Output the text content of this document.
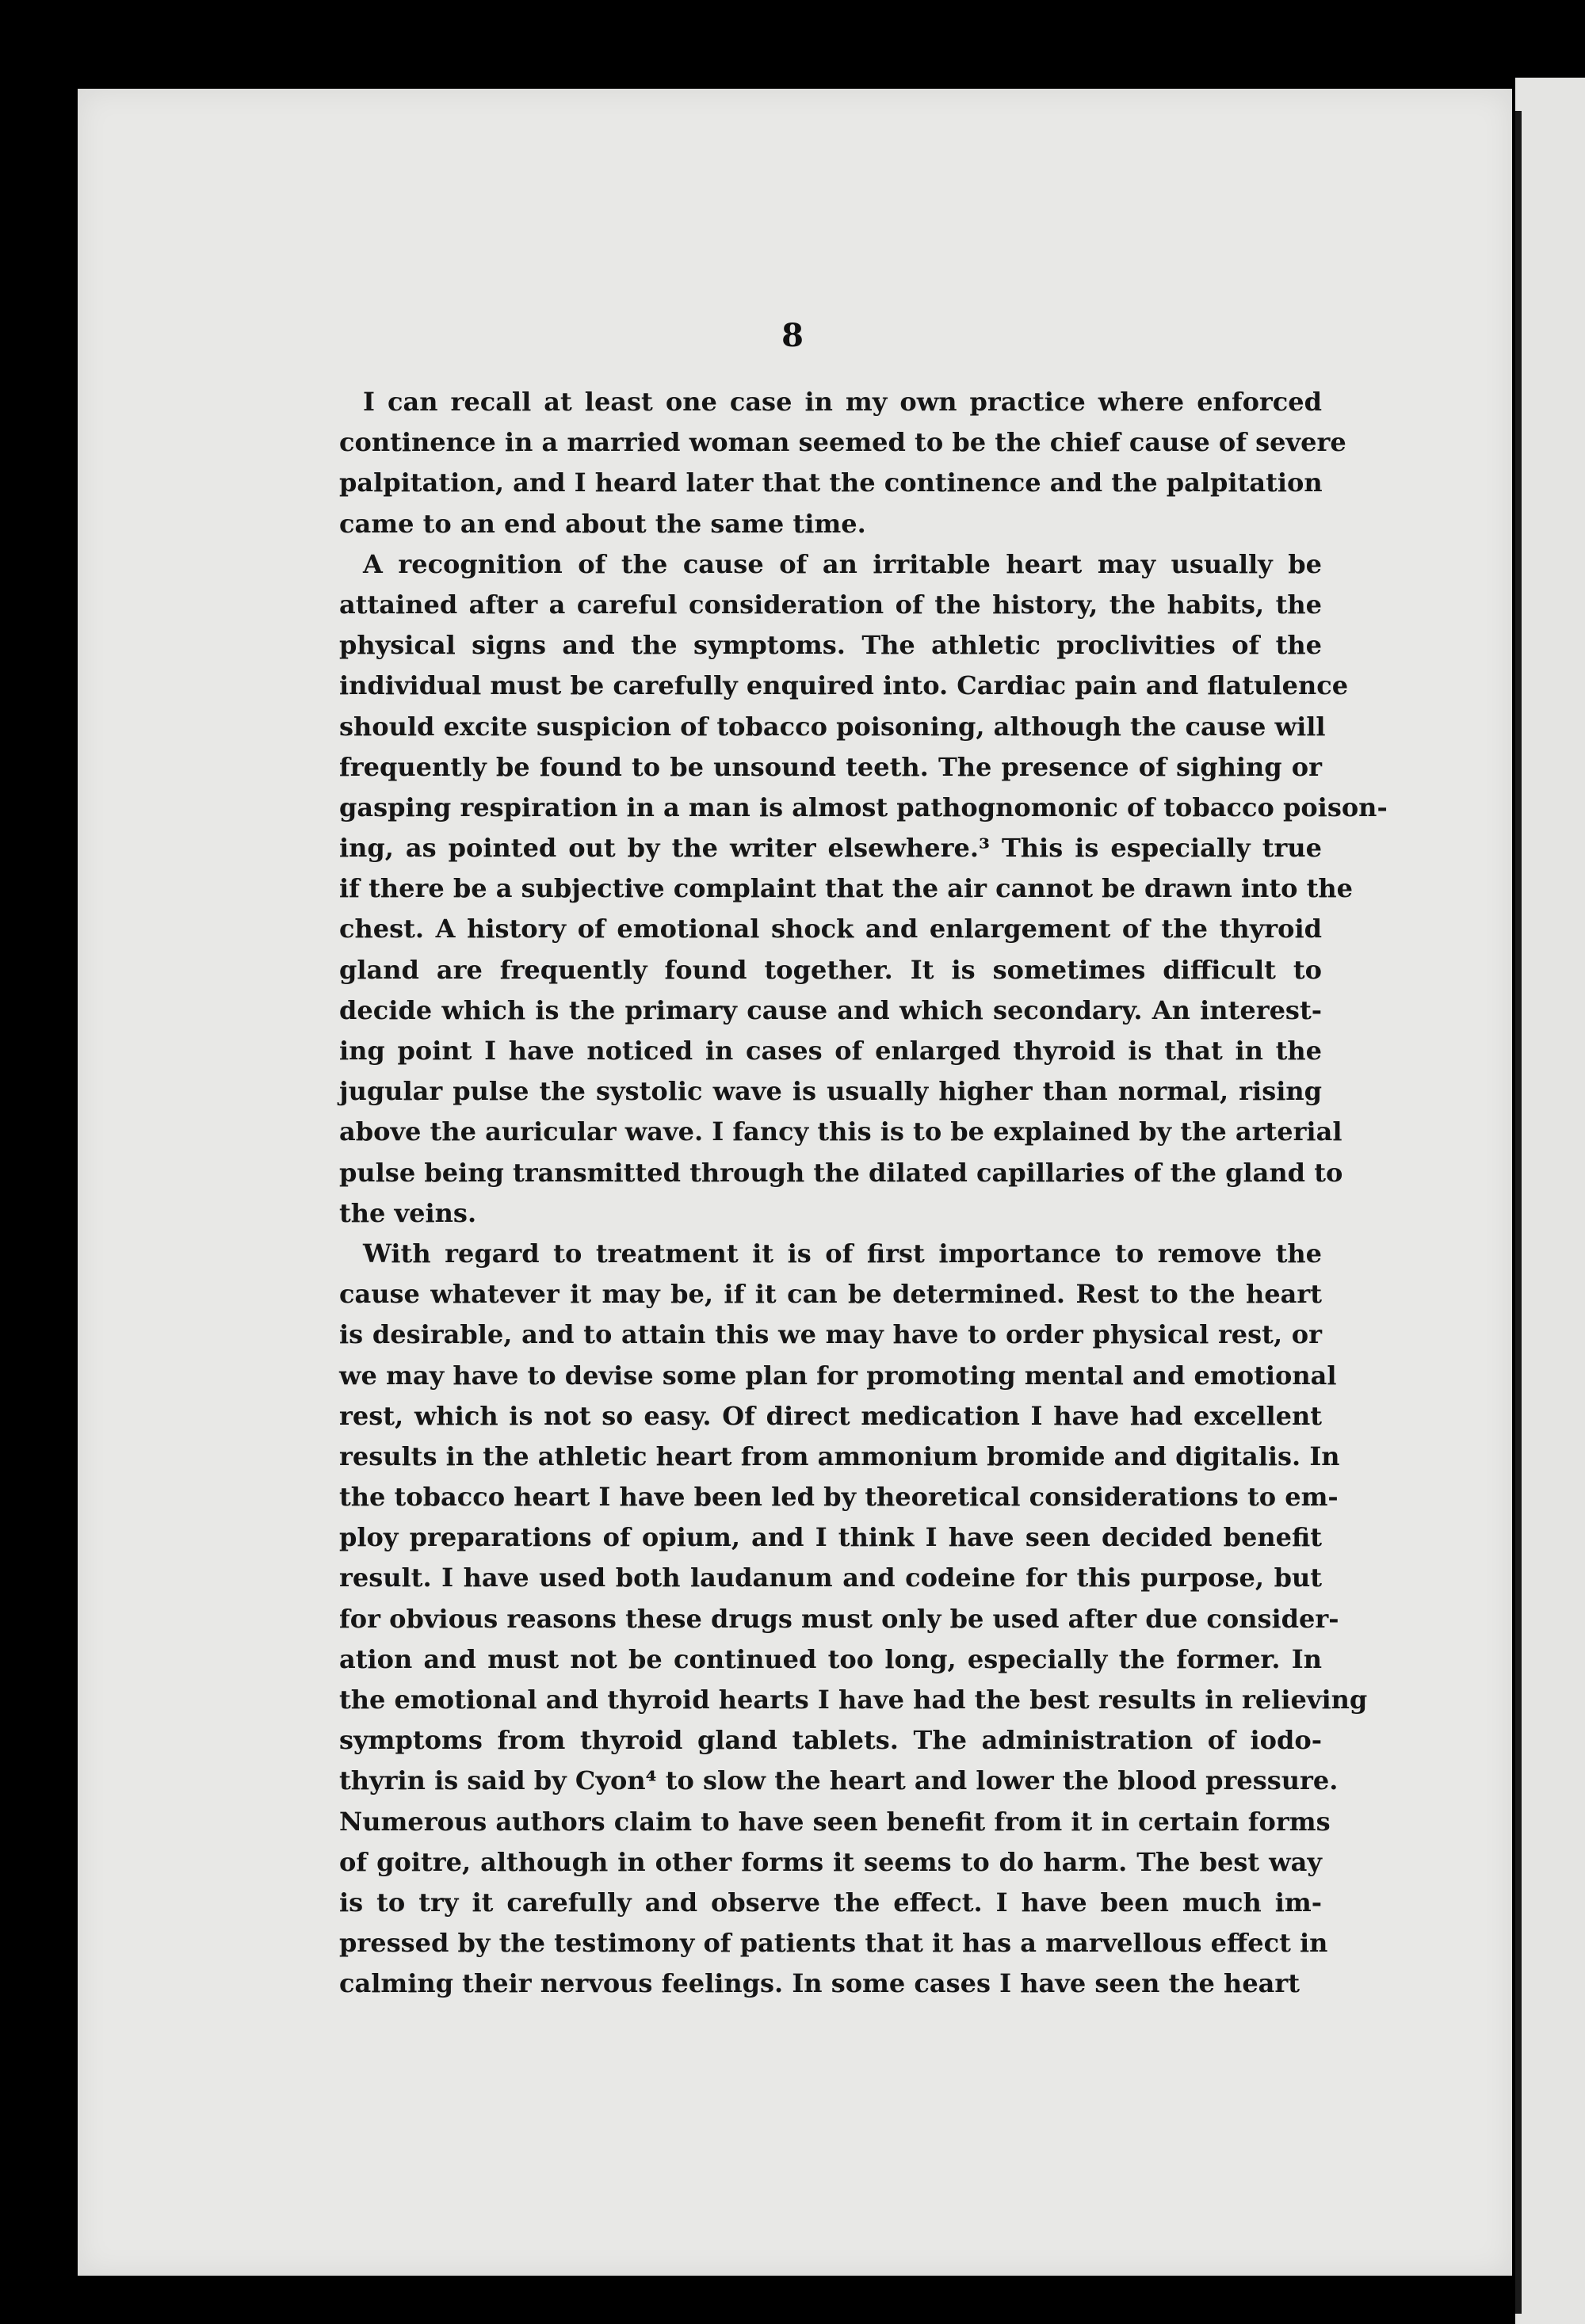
8
I can recall at least one case in my own practice where enforced
continence in a married woman seemed to be the chief cause of severe
palpitation, and I heard later that the continence and the palpitation
came to an end about the same time.
A recognition of the cause of an irritable heart may usually be
attained after a careful consideration of the history, the habits, the
physical signs and the symptoms. The athletic proclivities of the
individual must be carefully enquired into. Cardiac pain and flatulence
should excite suspicion of tobacco poisoning, although the cause will
frequently be found to be unsound teeth. The presence of sighing or
gasping respiration in a man is almost pathognomonic of tobacco poison-
ing, as pointed out by the writer elsewhere.³ This is especially true
if there be a subjective complaint that the air cannot be drawn into the
chest. A history of emotional shock and enlargement of the thyroid
gland are frequently found together. It is sometimes difficult to
decide which is the primary cause and which secondary. An interest-
ing point I have noticed in cases of enlarged thyroid is that in the
jugular pulse the systolic wave is usually higher than normal, rising
above the auricular wave. I fancy this is to be explained by the arterial
pulse being transmitted through the dilated capillaries of the gland to
the veins.
With regard to treatment it is of first importance to remove the
cause whatever it may be, if it can be determined. Rest to the heart
is desirable, and to attain this we may have to order physical rest, or
we may have to devise some plan for promoting mental and emotional
rest, which is not so easy. Of direct medication I have had excellent
results in the athletic heart from ammonium bromide and digitalis. In
the tobacco heart I have been led by theoretical considerations to em-
ploy preparations of opium, and I think I have seen decided benefit
result. I have used both laudanum and codeine for this purpose, but
for obvious reasons these drugs must only be used after due consider-
ation and must not be continued too long, especially the former. In
the emotional and thyroid hearts I have had the best results in relieving
symptoms from thyroid gland tablets. The administration of iodo-
thyrin is said by Cyon⁴ to slow the heart and lower the blood pressure.
Numerous authors claim to have seen benefit from it in certain forms
of goitre, although in other forms it seems to do harm. The best way
is to try it carefully and observe the effect. I have been much im-
pressed by the testimony of patients that it has a marvellous effect in
calming their nervous feelings. In some cases I have seen the heart
